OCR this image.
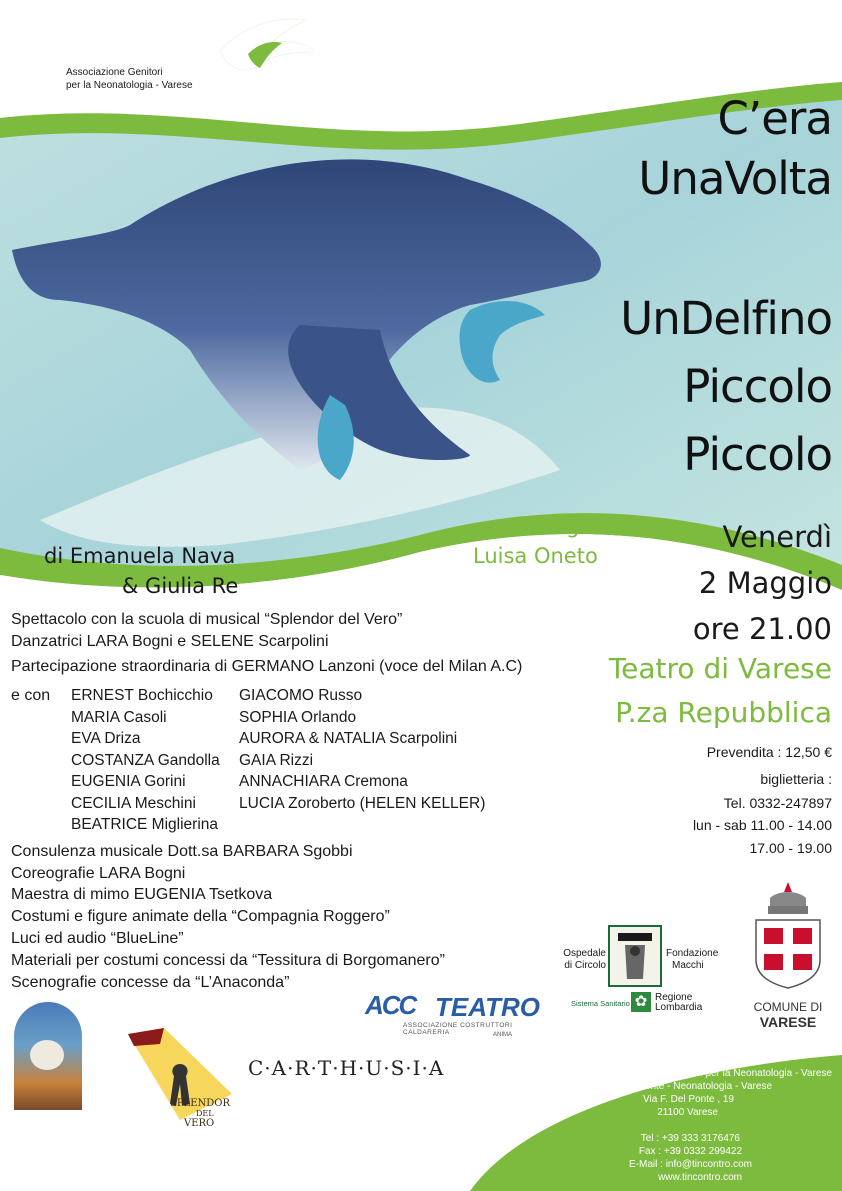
TINCONTRO
Associazione Genitori
per la Neonatologia - Varese
C’era
UnaVolta
UnDelfino
Piccolo
Piccolo
regia
Luisa Oneto
di Emanuela Nava
& Giulia Re
Venerdì
2 Maggio
ore 21.00
Teatro di Varese
P.za Repubblica
Prevendita : 12,50 €
biglietteria :
Tel. 0332-247897
lun - sab 11.00 - 14.00
17.00 - 19.00
Spettacolo con la scuola di musical “Splendor del Vero”
Danzatrici LARA Bogni e SELENE Scarpolini
Partecipazione straordinaria di GERMANO Lanzoni (voce del Milan A.C)
e con ERNEST Bochicchio
MARIA Casoli
EVA Driza
COSTANZA Gandolla
EUGENIA Gorini
CECILIA Meschini
BEATRICE Miglierina
GIACOMO Russo
SOPHIA Orlando
AURORA & NATALIA Scarpolini
GAIA Rizzi
ANNACHIARA Cremona
LUCIA Zoroberto (HELEN KELLER)
Consulenza musicale Dott.sa BARBARA Sgobbi
Coreografie LARA Bogni
Maestra di mimo EUGENIA Tsetkova
Costumi e figure animate della “Compagnia Roggero”
Luci ed audio “BlueLine”
Materiali per costumi concessi da “Tessitura di Borgomanero”
Scenografie concesse da “L’Anaconda”
Ospedale
di Circolo
Fondazione
Macchi
Sistema Sanitario ✿ Regione
Lombardia	COMUNE DI
VARESE
ACC TEATRO
ASSOCIAZIONE COSTRUTTORI CALDARERIA	ANIMA
C·A·R·T·H·U·S·I·A
SPLENDOR
DEL
VERO
TINCONTRO - Associazione Genitori per la Neonatologia - Varese
c/o Ospedale F. Del Ponte - Neonatologia - Varese
Via F. Del Ponte , 19
21100 Varese
Tel : +39 333 3176476
Fax : +39 0332 299422
E-Mail : info@tincontro.com
www.tincontro.com
